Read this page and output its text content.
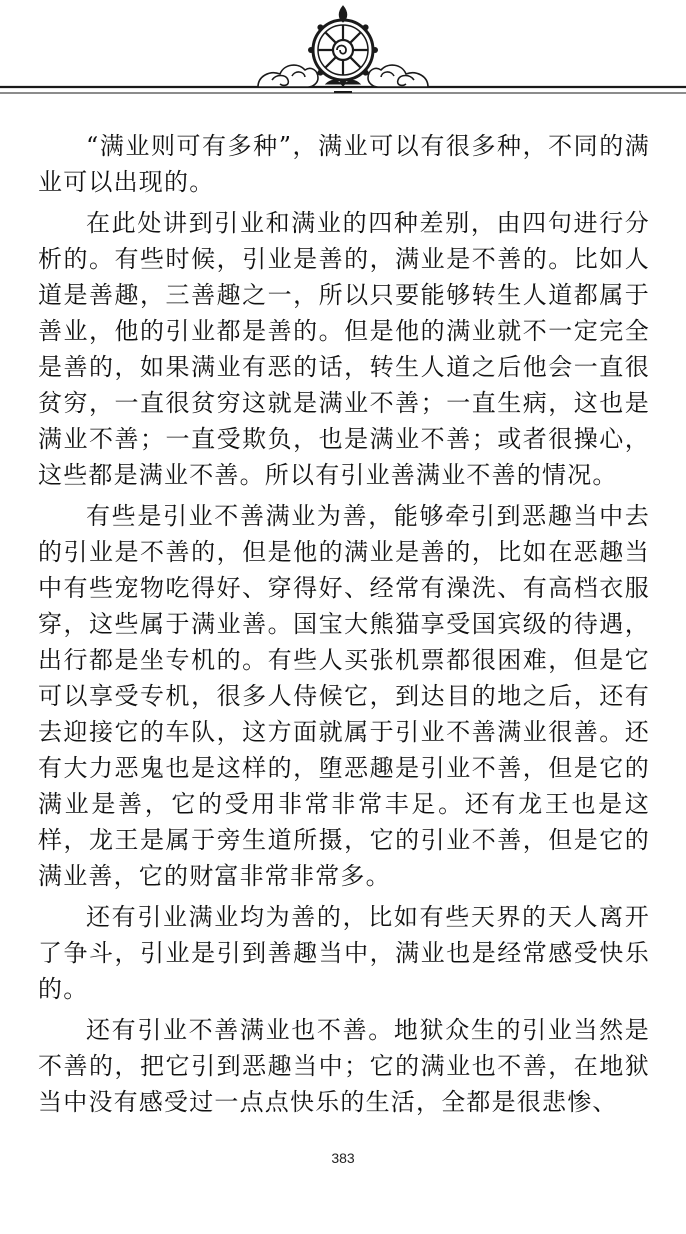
“满业则可有多种”，满业可以有很多种，不同的满业可以出现的。

在此处讲到引业和满业的四种差别，由四句进行分析的。有些时候，引业是善的，满业是不善的。比如人道是善趣，三善趣之一，所以只要能够转生人道都属于善业，他的引业都是善的。但是他的满业就不一定完全是善的，如果满业有恶的话，转生人道之后他会一直很贫穷，一直很贫穷这就是满业不善；一直生病，这也是满业不善；一直受欺负，也是满业不善；或者很操心，这些都是满业不善。所以有引业善满业不善的情况。

有些是引业不善满业为善，能够牵引到恶趣当中去的引业是不善的，但是他的满业是善的，比如在恶趣当中有些宠物吃得好、穿得好、经常有澡洗、有高档衣服穿，这些属于满业善。国宝大熊猫享受国宾级的待遇，出行都是坐专机的。有些人买张机票都很困难，但是它可以享受专机，很多人侍候它，到达目的地之后，还有去迎接它的车队，这方面就属于引业不善满业很善。还有大力恶鬼也是这样的，堕恶趣是引业不善，但是它的满业是善，它的受用非常非常丰足。还有龙王也是这样，龙王是属于旁生道所摄，它的引业不善，但是它的满业善，它的财富非常非常多。

还有引业满业均为善的，比如有些天界的天人离开了争斗，引业是引到善趣当中，满业也是经常感受快乐的。

还有引业不善满业也不善。地狱众生的引业当然是不善的，把它引到恶趣当中；它的满业也不善，在地狱当中没有感受过一点点快乐的生活，全都是很悲惨、

383
